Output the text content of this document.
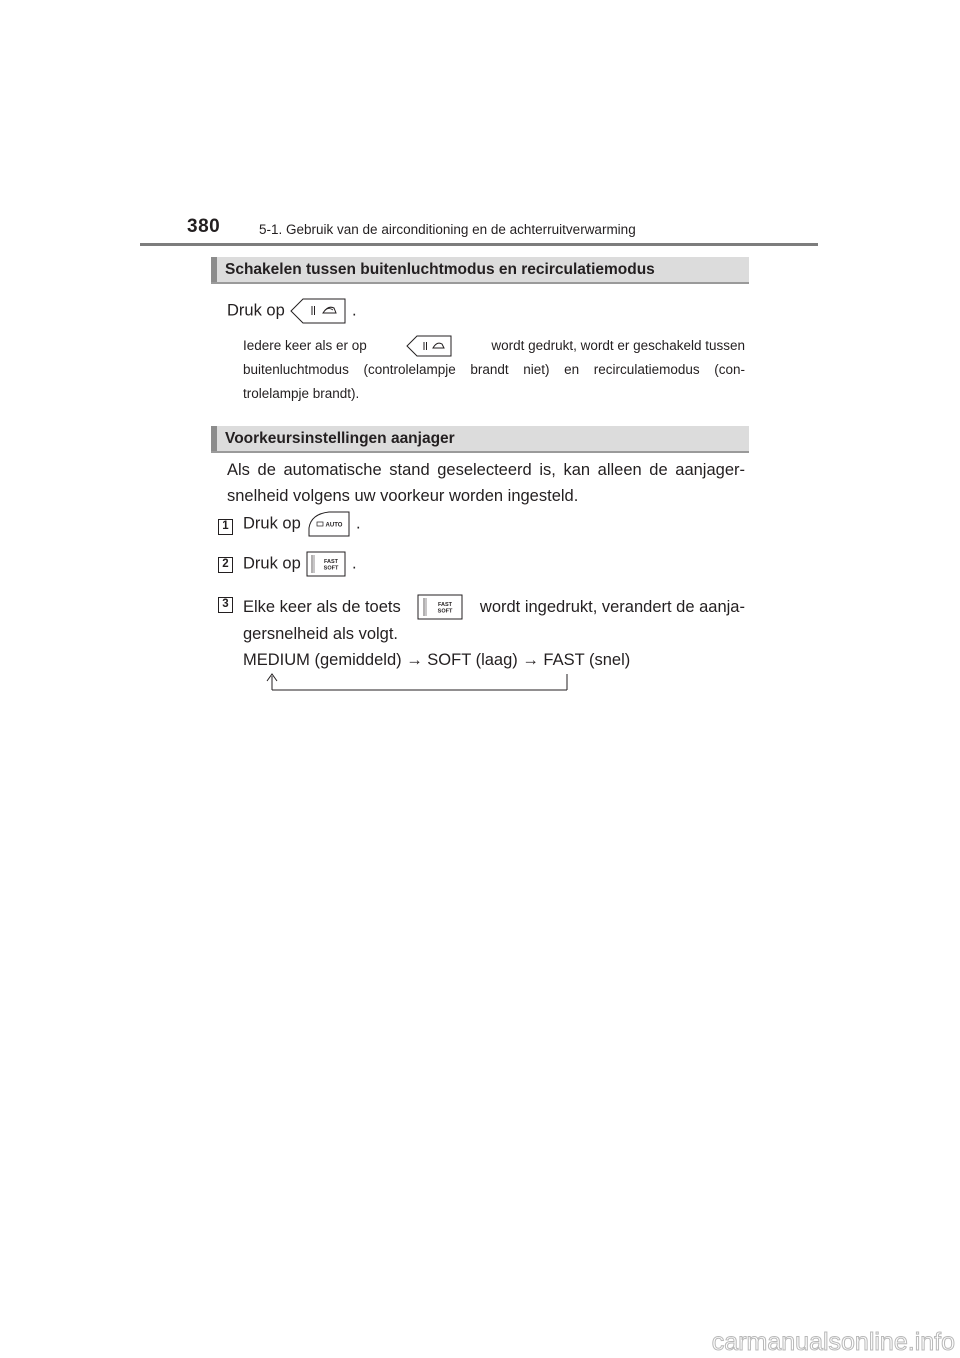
380	5-1. Gebruik van de airconditioning en de achterruitverwarming
Schakelen tussen buitenluchtmodus en recirculatiemodus
Druk op	.
Iedere keer als er op	wordt gedrukt, wordt er geschakeld tussen
buitenluchtmodus (controlelampje brandt niet) en recirculatiemodus (con-
trolelampje brandt).
Voorkeursinstellingen aanjager
Als de automatische stand geselecteerd is, kan alleen de aanjager-
snelheid volgens uw voorkeur worden ingesteld.
1 Druk op	AUTO .
2 Druk op	FAST
SOFT .
3 Elke keer als de toets	FAST
SOFT wordt ingedrukt, verandert de aanja-
gersnelheid als volgt.
MEDIUM (gemiddeld) → SOFT (laag) → FAST (snel)
carmanualsonline.info
